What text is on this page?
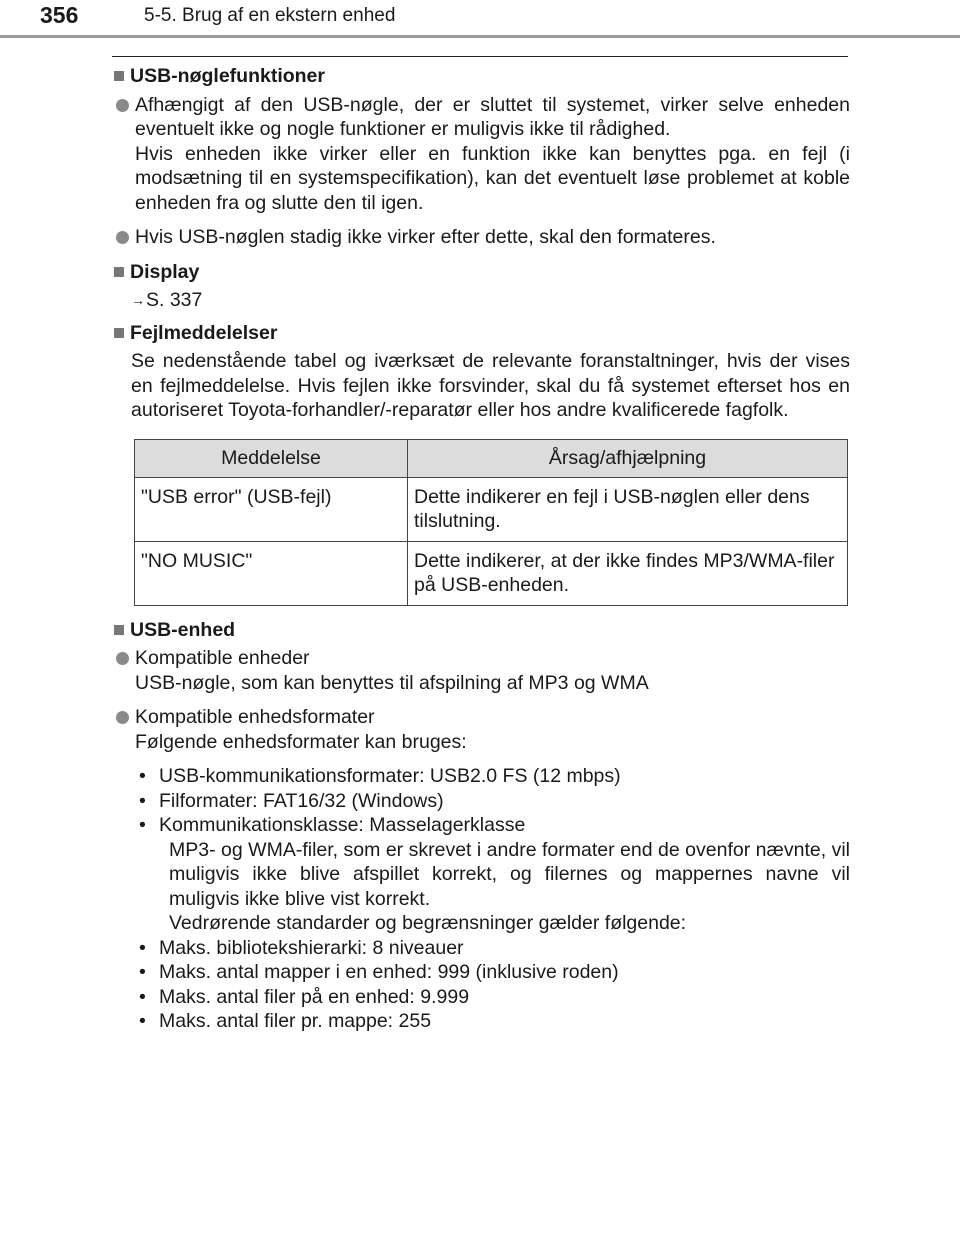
356	5-5. Brug af en ekstern enhed
USB-nøglefunktioner

Afhængigt af den USB-nøgle, der er sluttet til systemet, virker selve enheden eventuelt ikke og nogle funktioner er muligvis ikke til rådighed.

Hvis enheden ikke virker eller en funktion ikke kan benyttes pga. en fejl (i modsætning til en systemspecifikation), kan det eventuelt løse problemet at koble enheden fra og slutte den til igen.

Hvis USB-nøglen stadig ikke virker efter dette, skal den formateres.
Display
→ S. 337
Fejlmeddelelser
Se nedenstående tabel og iværksæt de relevante foranstaltninger, hvis der vises en fejlmeddelelse. Hvis fejlen ikke forsvinder, skal du få systemet efterset hos en autoriseret Toyota-forhandler/-reparatør eller hos andre kvalificerede fagfolk.
Meddelelse	Årsag/afhjælpning
"USB error" (USB-fejl)	Dette indikerer en fejl i USB-nøglen eller dens tilslutning.
"NO MUSIC"	Dette indikerer, at der ikke findes MP3/WMA-filer på USB-enheden.
USB-enhed

Kompatible enheder

USB-nøgle, som kan benyttes til afspilning af MP3 og WMA

Kompatible enhedsformater

Følgende enhedsformater kan bruges:

• USB-kommunikationsformater: USB2.0 FS (12 mbps)
• Filformater: FAT16/32 (Windows)
• Kommunikationsklasse: Masselagerklasse
MP3- og WMA-filer, som er skrevet i andre formater end de ovenfor nævnte, vil muligvis ikke blive afspillet korrekt, og filernes og mappernes navne vil muligvis ikke blive vist korrekt.
Vedrørende standarder og begrænsninger gælder følgende:
• Maks. bibliotekshierarki: 8 niveauer
• Maks. antal mapper i en enhed: 999 (inklusive roden)
• Maks. antal filer på en enhed: 9.999
• Maks. antal filer pr. mappe: 255
